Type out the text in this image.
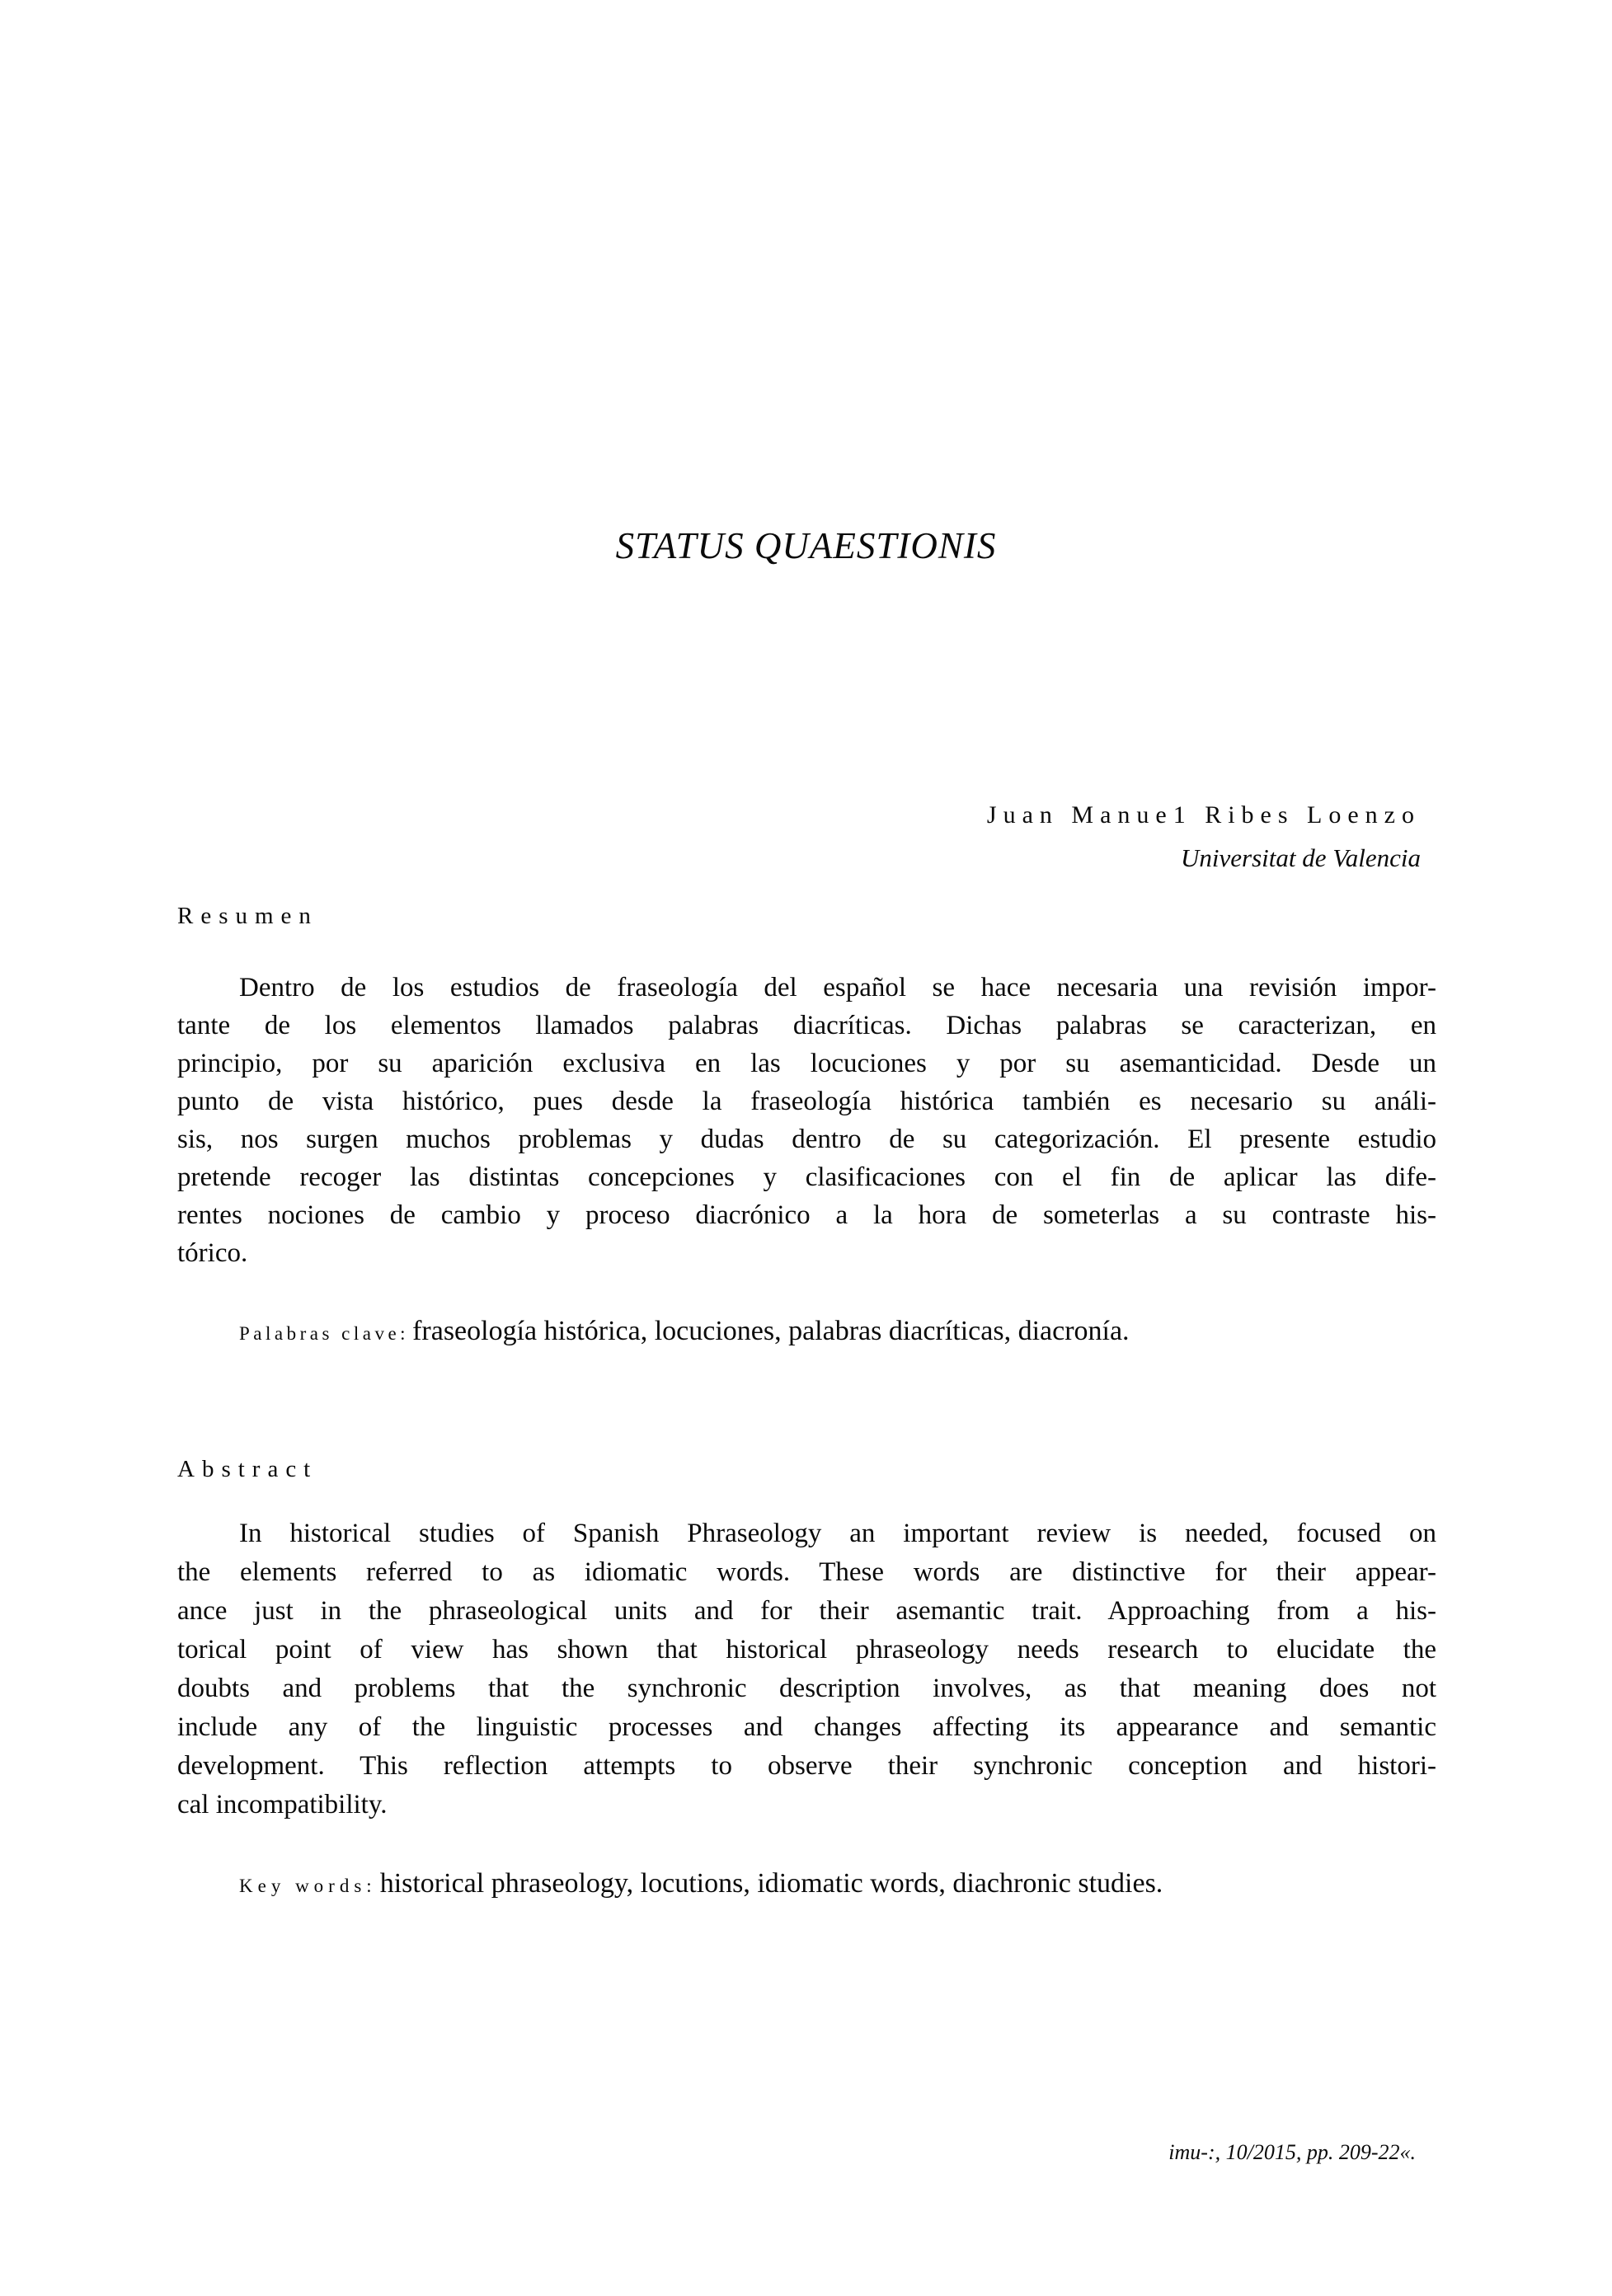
STATUS QUAESTIONIS
Juan Manue1 Ribes Loenzo
Universitat de Valencia
Resumen
Dentro de los estudios de fraseología del español se hace necesaria una revisión impor-
tante de los elementos llamados palabras diacríticas. Dichas palabras se caracterizan, en
principio, por su aparición exclusiva en las locuciones y por su asemanticidad. Desde un
punto de vista histórico, pues desde la fraseología histórica también es necesario su análi-
sis, nos surgen muchos problemas y dudas dentro de su categorización. El presente estudio
pretende recoger las distintas concepciones y clasificaciones con el fin de aplicar las dife-
rentes nociones de cambio y proceso diacrónico a la hora de someterlas a su contraste his-
tórico.
Palabras clave: fraseología histórica, locuciones, palabras diacríticas, diacronía.
Abstract
In historical studies of Spanish Phraseology an important review is needed, focused on
the elements referred to as idiomatic words. These words are distinctive for their appear-
ance just in the phraseological units and for their asemantic trait. Approaching from a his-
torical point of view has shown that historical phraseology needs research to elucidate the
doubts and problems that the synchronic description involves, as that meaning does not
include any of the linguistic processes and changes affecting its appearance and semantic
development. This reflection attempts to observe their synchronic conception and histori-
cal incompatibility.
Key words: historical phraseology, locutions, idiomatic words, diachronic studies.
imu-:, 10/2015, pp. 209-22«.
